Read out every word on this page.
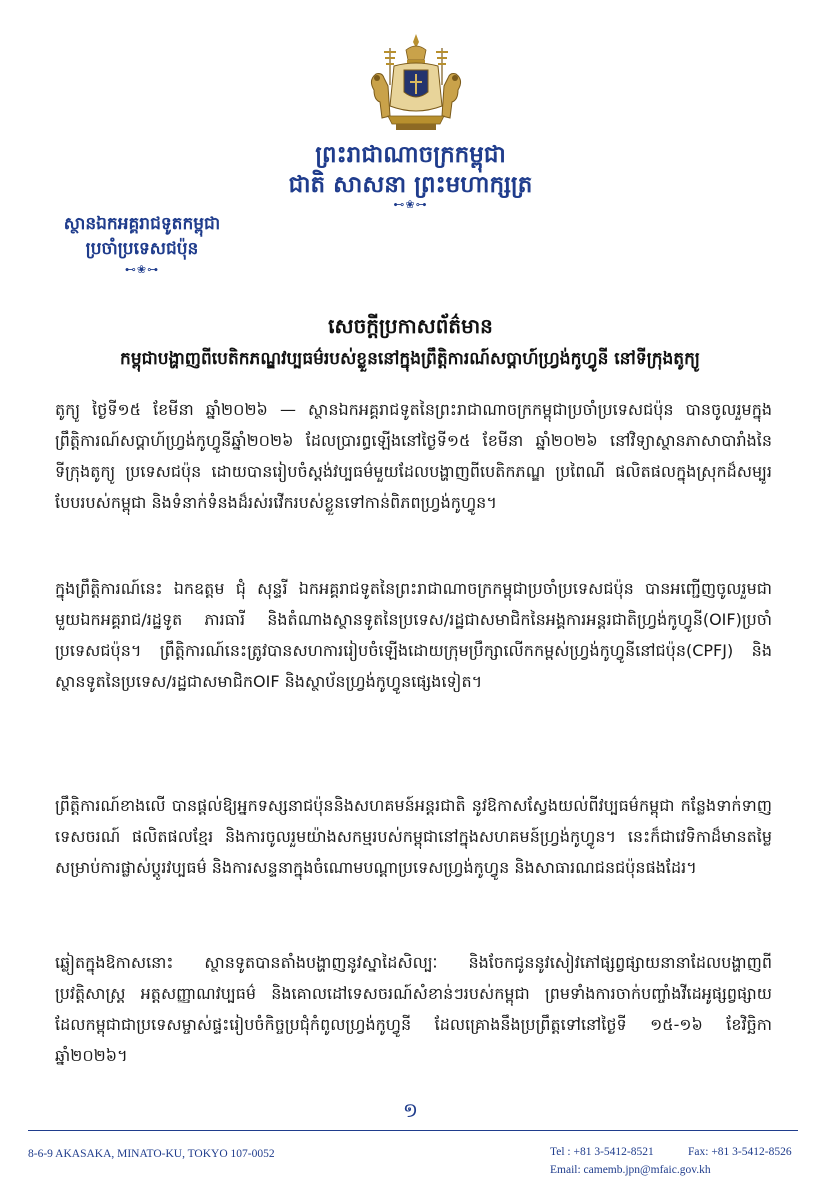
ព្រះរាជាណាចក្រកម្ពុជា
ជាតិ សាសនា ព្រះមហាក្សត្រ
⊷❀⊶
ស្ថានឯកអគ្គរាជទូតកម្ពុជា
ប្រចាំប្រទេសជប៉ុន
⊷❀⊶
សេចក្ដីប្រកាសព័ត៌មាន
កម្ពុជាបង្ហាញពីបេតិកភណ្ឌវប្បធម៌របស់ខ្លួននៅក្នុងព្រឹត្តិការណ៍សប្ដាហ៍ហ្វ្រង់កូហ្វូនី នៅទីក្រុងតូក្យូ

តូក្យូ ថ្ងៃទី១៥ ខែមីនា ឆ្នាំ២០២៦ — ស្ថានឯកអគ្គរាជទូតនៃព្រះរាជាណាចក្រកម្ពុជាប្រចាំប្រទេសជប៉ុន បានចូលរួមក្នុងព្រឹត្តិការណ៍សប្ដាហ៍ហ្វ្រង់កូហ្វូនីឆ្នាំ២០២៦ ដែលប្រារព្ធឡើងនៅថ្ងៃទី១៥ ខែមីនា ឆ្នាំ២០២៦ នៅវិទ្យាស្ថានភាសាបារាំងនៃទីក្រុងតូក្យូ ប្រទេសជប៉ុន ដោយបានរៀបចំស្តង់វប្បធម៌មួយដែលបង្ហាញពីបេតិកភណ្ឌ ប្រពៃណី ផលិតផលក្នុងស្រុកដ៏សម្បូរបែបរបស់កម្ពុជា និងទំនាក់ទំនងដ៏រស់រវើករបស់ខ្លួនទៅកាន់ពិភពហ្វ្រង់កូហ្វូន។

ក្នុងព្រឹត្តិការណ៍នេះ ឯកឧត្តម ជុំ សុន្ទរី ឯកអគ្គរាជទូតនៃព្រះរាជាណាចក្រកម្ពុជាប្រចាំប្រទេសជប៉ុន បានអញ្ជើញចូលរួមជាមួយឯកអគ្គរាជ/រដ្ឋទូត ភារធារី និងតំណាងស្ថានទូតនៃប្រទេស/រដ្ឋជាសមាជិកនៃអង្គការអន្តរជាតិហ្វ្រង់កូហ្វូនី(OIF)ប្រចាំប្រទេសជប៉ុន។ ព្រឹត្តិការណ៍នេះត្រូវបានសហការរៀបចំឡើងដោយក្រុមប្រឹក្សាលើកកម្ពស់ហ្វ្រង់កូហ្វូនីនៅជប៉ុន(CPFJ) និងស្ថានទូតនៃប្រទេស/រដ្ឋជាសមាជិកOIF និងស្ថាប័នហ្វ្រង់កូហ្វូនផ្សេងទៀត។

ព្រឹត្តិការណ៍ខាងលើ បានផ្តល់ឱ្យអ្នកទស្សនាជប៉ុននិងសហគមន៍អន្តរជាតិ នូវឱកាសស្វែងយល់ពីវប្បធម៌កម្ពុជា កន្លែងទាក់ទាញទេសចរណ៍ ផលិតផលខ្មែរ និងការចូលរួមយ៉ាងសកម្មរបស់កម្ពុជានៅក្នុងសហគមន៍ហ្វ្រង់កូហ្វូន។ នេះក៏ជាវេទិកាដ៏មានតម្លៃសម្រាប់ការផ្លាស់ប្ដូរវប្បធម៌ និងការសន្ទនាក្នុងចំណោមបណ្ដាប្រទេសហ្វ្រង់កូហ្វូន និងសាធារណជនជប៉ុនផងដែរ។

ឆ្លៀតក្នុងឱកាសនោះ ស្ថានទូតបានតាំងបង្ហាញនូវស្នាដៃសិល្បៈ និងចែកជូននូវសៀវភៅផ្សព្វផ្សាយនានាដែលបង្ហាញពីប្រវត្តិសាស្ត្រ អត្តសញ្ញាណវប្បធម៌ និងគោលដៅទេសចរណ៍សំខាន់ៗរបស់កម្ពុជា ព្រមទាំងការចាក់បញ្ចាំងវីដេអូផ្សព្វផ្សាយដែលកម្ពុជាជាប្រទេសម្ចាស់ផ្ទះរៀបចំកិច្ចប្រជុំកំពូលហ្វ្រង់កូហ្វូនី ដែលគ្រោងនឹងប្រព្រឹត្តទៅនៅថ្ងៃទី ១៥-១៦ ខែវិច្ឆិកា ឆ្នាំ២០២៦។

១
8-6-9 AKASAKA, MINATO-KU, TOKYO 107-0052	Tel : +81 3-5412-8521	Fax: +81 3-5412-8526
Email: camemb.jpn@mfaic.gov.kh
